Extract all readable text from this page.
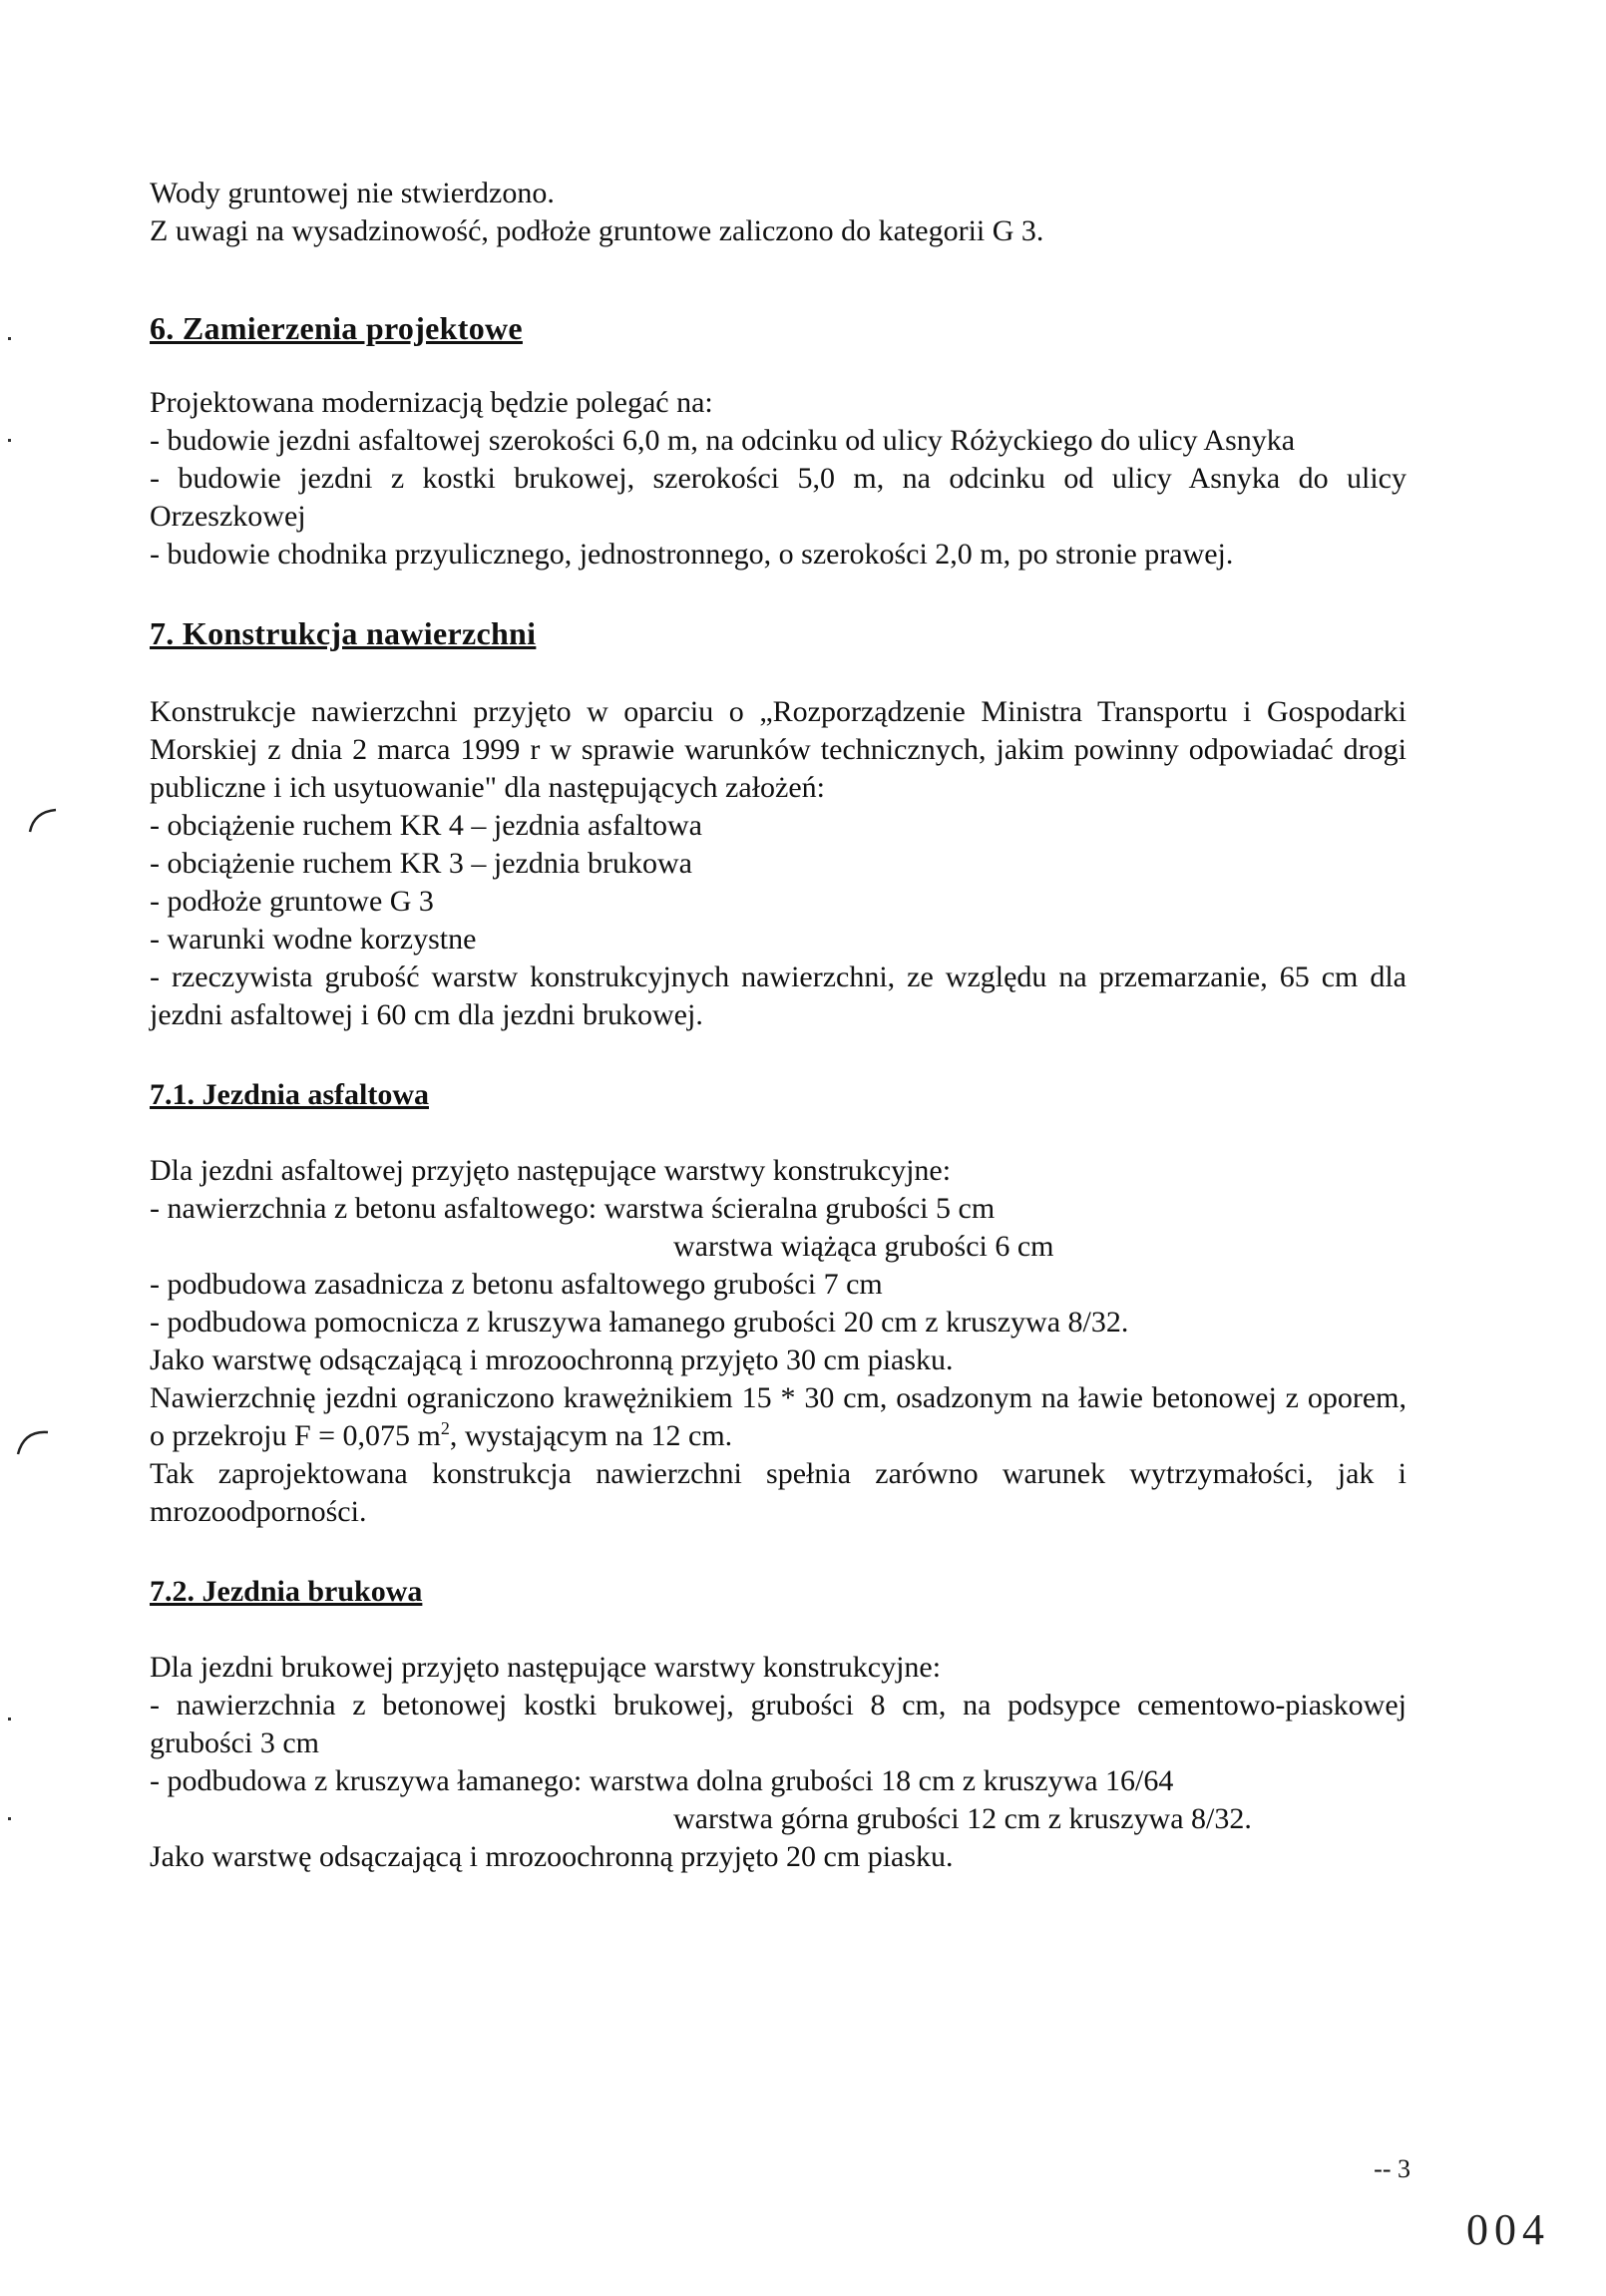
Wody gruntowej nie stwierdzono.

Z uwagi na wysadzinowość, podłoże gruntowe zaliczono do kategorii G 3.

6. Zamierzenia projektowe

Projektowana modernizacją będzie polegać na:

- budowie jezdni asfaltowej szerokości 6,0 m, na odcinku od ulicy Różyckiego do ulicy Asnyka

- budowie jezdni z kostki brukowej, szerokości 5,0 m, na odcinku od ulicy Asnyka do ulicy Orzeszkowej

- budowie chodnika przyulicznego, jednostronnego, o szerokości 2,0 m, po stronie prawej.

7. Konstrukcja nawierzchni

Konstrukcje nawierzchni przyjęto w oparciu o „Rozporządzenie Ministra Transportu i Gospodarki Morskiej z dnia 2 marca 1999 r w sprawie warunków technicznych, jakim powinny odpowiadać drogi publiczne i ich usytuowanie" dla następujących założeń:

- obciążenie ruchem KR 4 – jezdnia asfaltowa

- obciążenie ruchem KR 3 – jezdnia brukowa

- podłoże gruntowe G 3

- warunki wodne korzystne

- rzeczywista grubość warstw konstrukcyjnych nawierzchni, ze względu na przemarzanie, 65 cm dla jezdni asfaltowej i 60 cm dla jezdni brukowej.

7.1. Jezdnia asfaltowa

Dla jezdni asfaltowej przyjęto następujące warstwy konstrukcyjne:

- nawierzchnia z betonu asfaltowego: warstwa ścieralna grubości 5 cm

warstwa wiążąca grubości 6 cm

- podbudowa zasadnicza z betonu asfaltowego grubości 7 cm

- podbudowa pomocnicza z kruszywa łamanego grubości 20 cm z kruszywa 8/32.

Jako warstwę odsączającą i mrozoochronną przyjęto 30 cm piasku.

Nawierzchnię jezdni ograniczono krawężnikiem 15 * 30 cm, osadzonym na ławie betonowej z oporem, o przekroju F = 0,075 $m^2$, wystającym na 12 cm.

Tak zaprojektowana konstrukcja nawierzchni spełnia zarówno warunek wytrzymałości, jak i mrozoodporności.

7.2. Jezdnia brukowa

Dla jezdni brukowej przyjęto następujące warstwy konstrukcyjne:

- nawierzchnia z betonowej kostki brukowej, grubości 8 cm, na podsypce cementowo-piaskowej grubości 3 cm

- podbudowa z kruszywa łamanego: warstwa dolna grubości 18 cm z kruszywa 16/64

warstwa górna grubości 12 cm z kruszywa 8/32.

Jako warstwę odsączającą i mrozoochronną przyjęto 20 cm piasku.

-- 3
004
